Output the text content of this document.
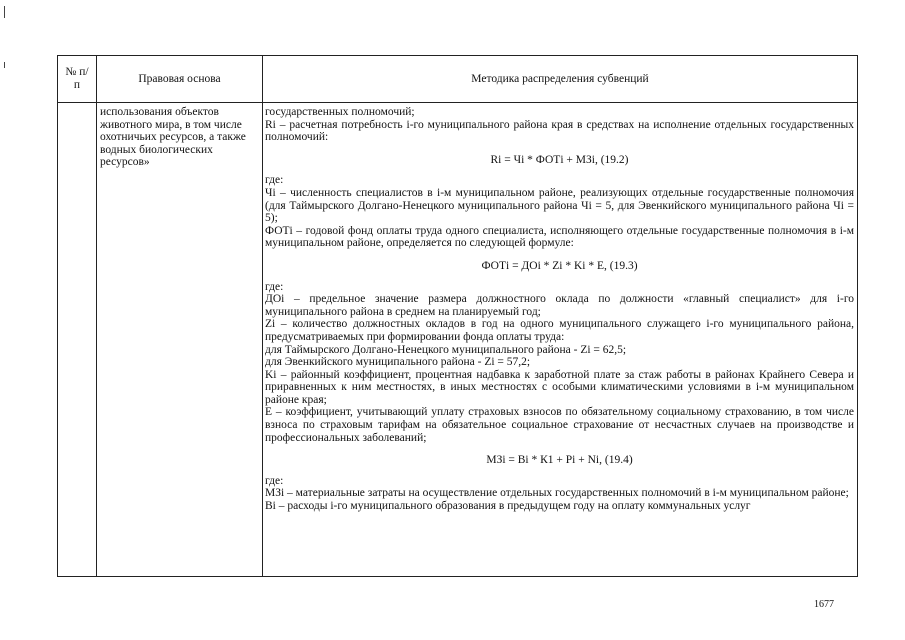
№ п/п
Правовая основа	Методика распределения субвенций
использования объектов животного мира, в том числе охотничьих ресурсов, а также водных биологических ресурсов»

государственных полномочий;

Ri – расчетная потребность i-го муниципального района края в средствах на исполнение отдельных государственных полномочий:

Ri = Чi * ФОТi + МЗi, (19.2)

где:

Чi – численность специалистов в i-м муниципальном районе, реализующих отдельные государственные полномочия (для Таймырского Долгано-Ненецкого муниципального района Чi = 5, для Эвенкийского муниципального района Чi = 5);

ФОТi – годовой фонд оплаты труда одного специалиста, исполняющего отдельные государственные полномочия в i-м муниципальном районе, определяется по следующей формуле:

ФОТi = ДОi * Zi * Ki * E, (19.3)

где:

ДОi – предельное значение размера должностного оклада по должности «главный специалист» для i-го муниципального района в среднем на планируемый год;

Zi – количество должностных окладов в год на одного муниципального служащего i-го муниципального района, предусматриваемых при формировании фонда оплаты труда:

для Таймырского Долгано-Ненецкого муниципального района - Zi = 62,5;

для Эвенкийского муниципального района - Zi = 57,2;

Ki – районный коэффициент, процентная надбавка к заработной плате за стаж работы в районах Крайнего Севера и приравненных к ним местностях, в иных местностях с особыми климатическими условиями в i-м муниципальном районе края;

Е – коэффициент, учитывающий уплату страховых взносов по обязательному социальному страхованию, в том числе взноса по страховым тарифам на обязательное социальное страхование от несчастных случаев на производстве и профессиональных заболеваний;

МЗi = Вi * К1 + Рi + Ni, (19.4)

где:

МЗi – материальные затраты на осуществление отдельных государственных полномочий в i-м муниципальном районе;

Вi – расходы i-го муниципального образования в предыдущем году на оплату коммунальных услуг

1677
